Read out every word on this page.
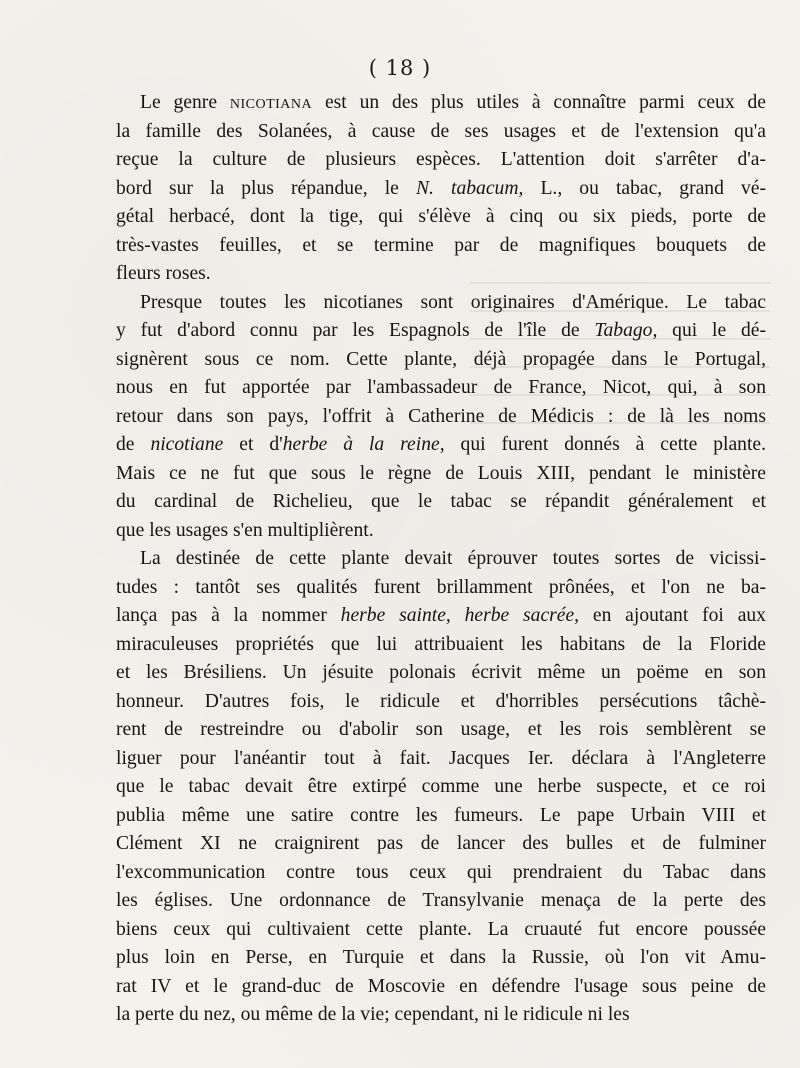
( 18 )

Le genre nicotiana est un des plus utiles à connaître parmi ceux de
la famille des Solanées, à cause de ses usages et de l'extension qu'a
reçue la culture de plusieurs espèces. L'attention doit s'arrêter d'a-
bord sur la plus répandue, le N. tabacum, L., ou tabac, grand vé-
gétal herbacé, dont la tige, qui s'élève à cinq ou six pieds, porte de
très-vastes feuilles, et se termine par de magnifiques bouquets de
fleurs roses.

Presque toutes les nicotianes sont originaires d'Amérique. Le tabac
y fut d'abord connu par les Espagnols de l'île de Tabago, qui le dé-
signèrent sous ce nom. Cette plante, déjà propagée dans le Portugal,
nous en fut apportée par l'ambassadeur de France, Nicot, qui, à son
retour dans son pays, l'offrit à Catherine de Médicis : de là les noms
de nicotiane et d'herbe à la reine, qui furent donnés à cette plante.
Mais ce ne fut que sous le règne de Louis XIII, pendant le ministère
du cardinal de Richelieu, que le tabac se répandit généralement et
que les usages s'en multiplièrent.

La destinée de cette plante devait éprouver toutes sortes de vicissi-
tudes : tantôt ses qualités furent brillamment prônées, et l'on ne ba-
lança pas à la nommer herbe sainte, herbe sacrée, en ajoutant foi aux
miraculeuses propriétés que lui attribuaient les habitans de la Floride
et les Brésiliens. Un jésuite polonais écrivit même un poëme en son
honneur. D'autres fois, le ridicule et d'horribles persécutions tâchè-
rent de restreindre ou d'abolir son usage, et les rois semblèrent se
liguer pour l'anéantir tout à fait. Jacques Ier. déclara à l'Angleterre
que le tabac devait être extirpé comme une herbe suspecte, et ce roi
publia même une satire contre les fumeurs. Le pape Urbain VIII et
Clément XI ne craignirent pas de lancer des bulles et de fulminer
l'excommunication contre tous ceux qui prendraient du Tabac dans
les églises. Une ordonnance de Transylvanie menaça de la perte des
biens ceux qui cultivaient cette plante. La cruauté fut encore poussée
plus loin en Perse, en Turquie et dans la Russie, où l'on vit Amu-
rat IV et le grand-duc de Moscovie en défendre l'usage sous peine de
la perte du nez, ou même de la vie; cependant, ni le ridicule ni les
